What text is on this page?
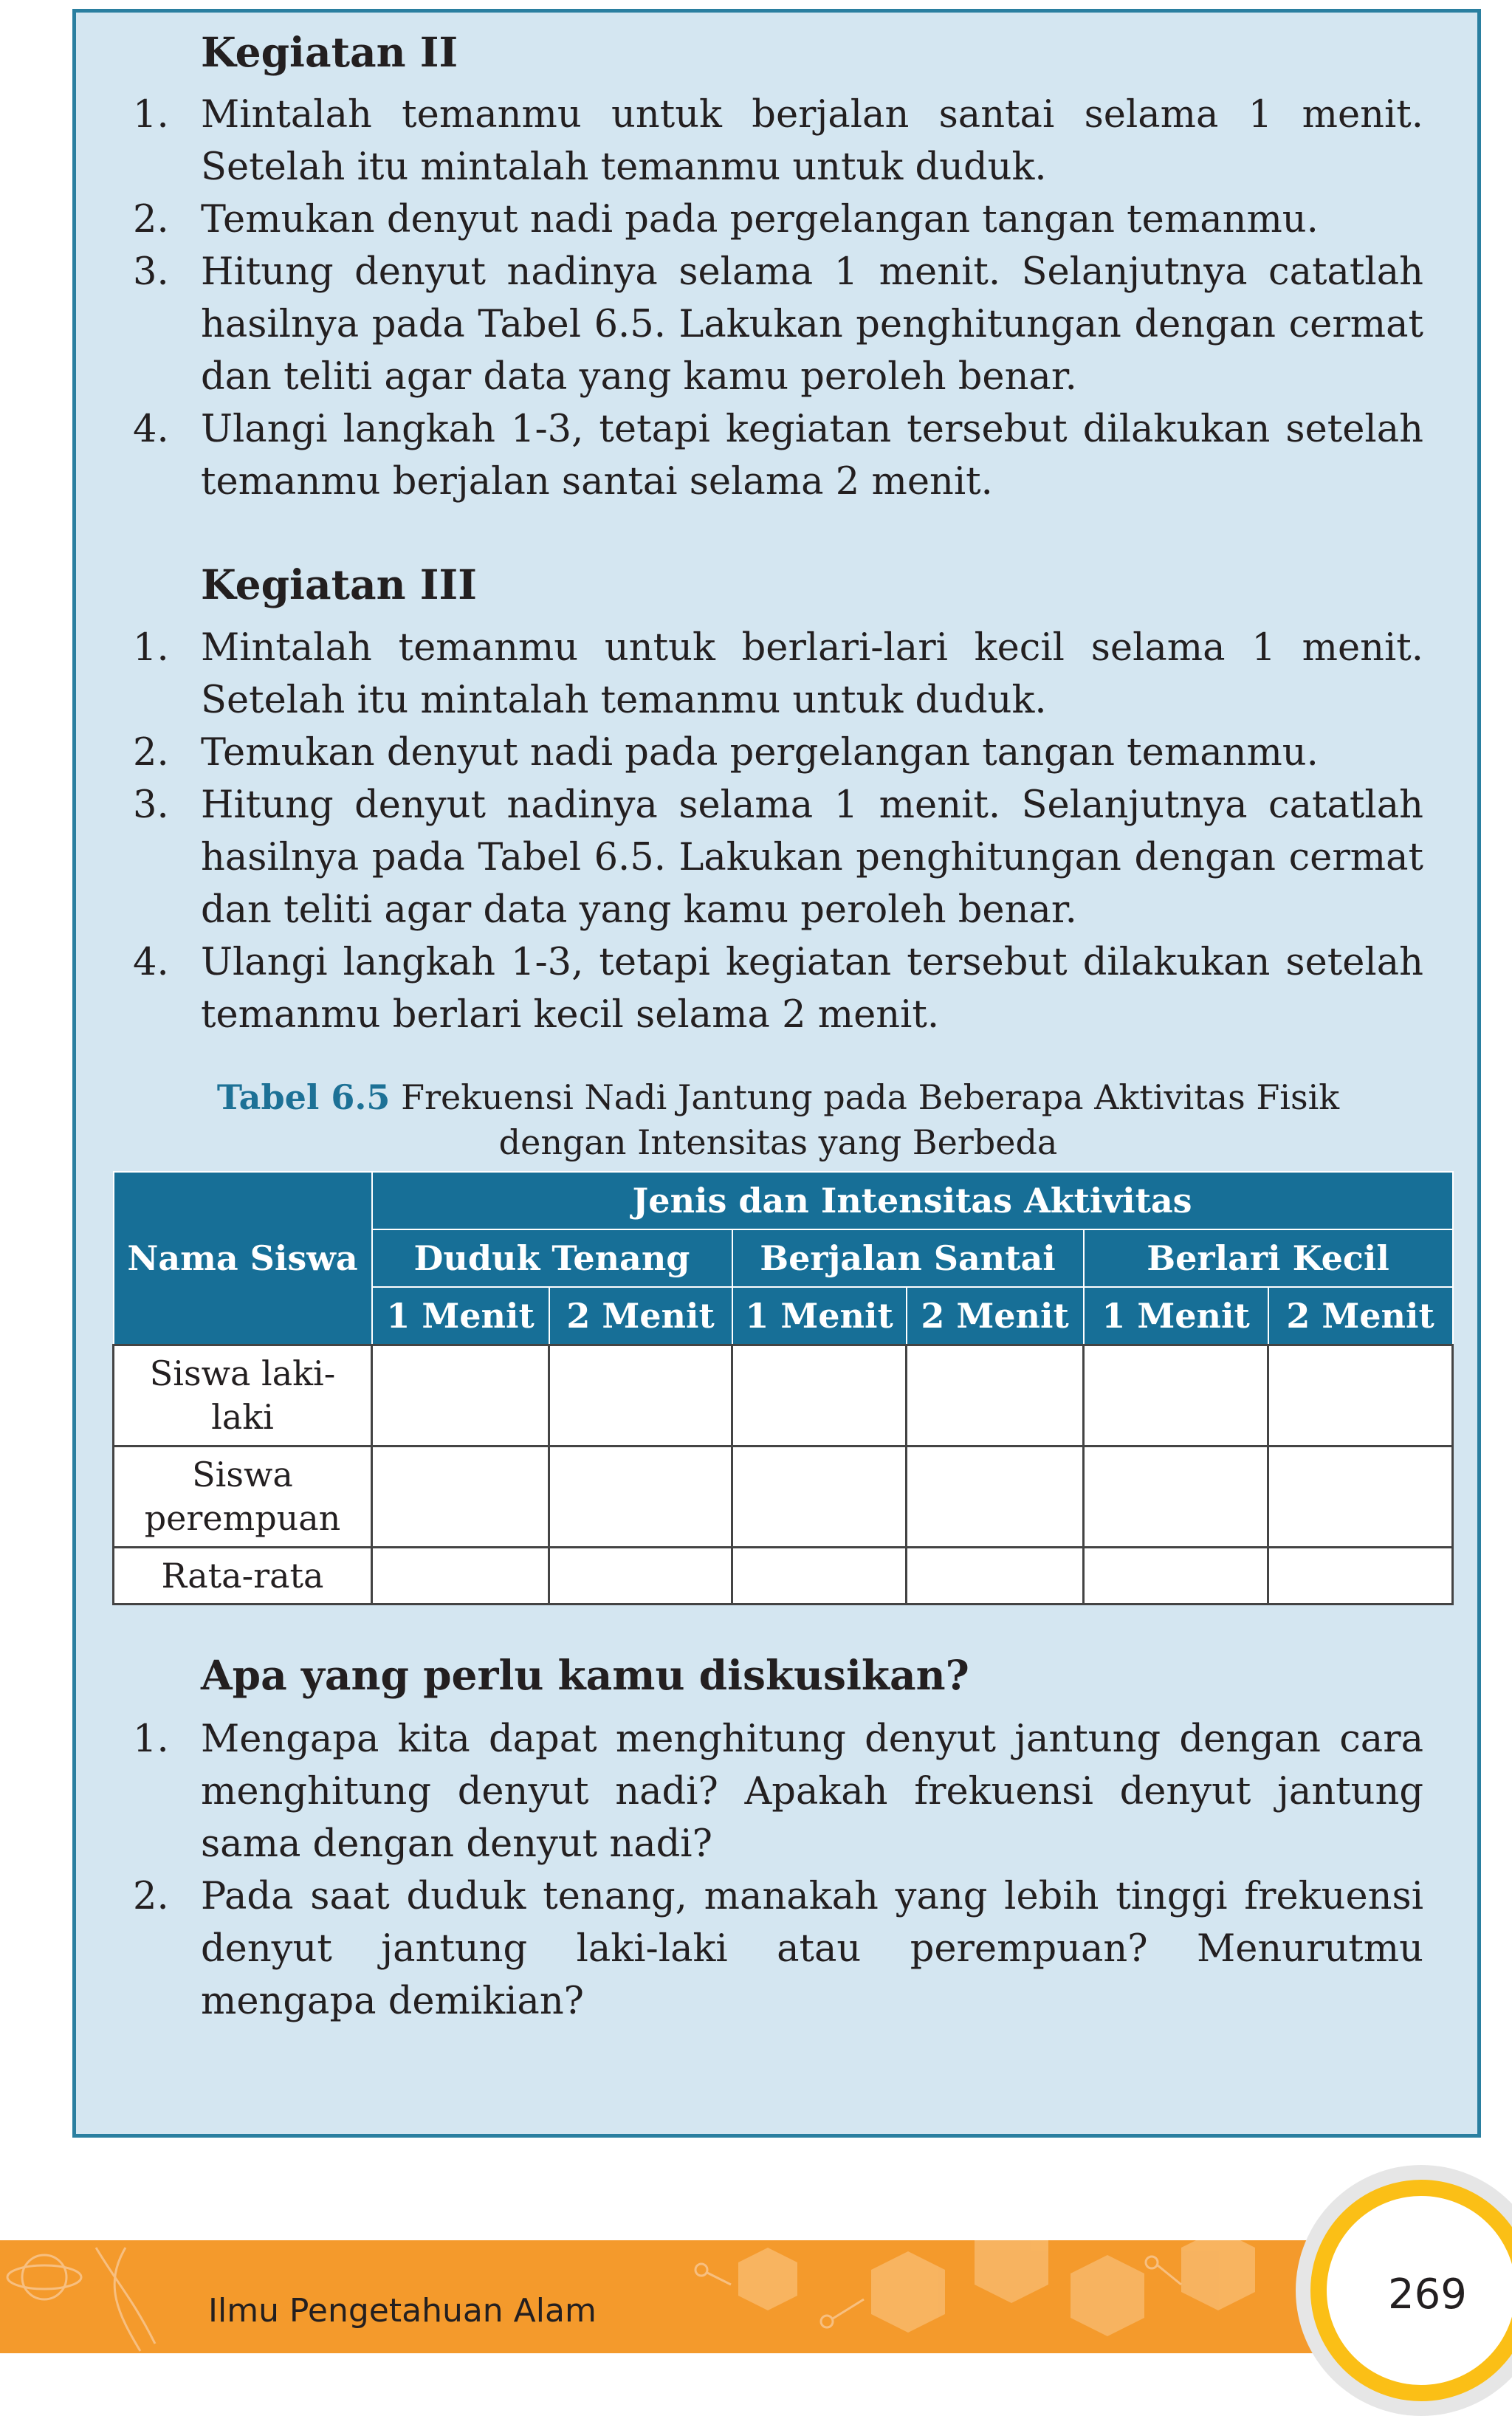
Kegiatan II
1. Mintalah temanmu untuk berjalan santai selama 1 menit. Setelah itu mintalah temanmu untuk duduk.
2. Temukan denyut nadi pada pergelangan tangan temanmu.
3. Hitung denyut nadinya selama 1 menit. Selanjutnya catatlah hasilnya pada Tabel 6.5. Lakukan penghitungan dengan cermat dan teliti agar data yang kamu peroleh benar.
4. Ulangi langkah 1-3, tetapi kegiatan tersebut dilakukan setelah temanmu berjalan santai selama 2 menit.
Kegiatan III
1. Mintalah temanmu untuk berlari-lari kecil selama 1 menit. Setelah itu mintalah temanmu untuk duduk.
2. Temukan denyut nadi pada pergelangan tangan temanmu.
3. Hitung denyut nadinya selama 1 menit. Selanjutnya catatlah hasilnya pada Tabel 6.5. Lakukan penghitungan dengan cermat dan teliti agar data yang kamu peroleh benar.
4. Ulangi langkah 1-3, tetapi kegiatan tersebut dilakukan setelah temanmu berlari kecil selama 2 menit.
Tabel 6.5 Frekuensi Nadi Jantung pada Beberapa Aktivitas Fisik
dengan Intensitas yang Berbeda
Nama Siswa	Jenis dan Intensitas Aktivitas					
	Duduk Tenang		Berjalan Santai		Berlari Kecil	
	1 Menit	2 Menit	1 Menit	2 Menit	1 Menit	2 Menit

Siswa laki-
laki						

Siswa
perempuan						

Rata-rata						

Apa yang perlu kamu diskusikan?
1. Mengapa kita dapat menghitung denyut jantung dengan cara menghitung denyut nadi? Apakah frekuensi denyut jantung sama dengan denyut nadi?
2. Pada saat duduk tenang, manakah yang lebih tinggi frekuensi denyut jantung laki-laki atau perempuan? Menurutmu mengapa demikian?
Ilmu Pengetahuan Alam	269
